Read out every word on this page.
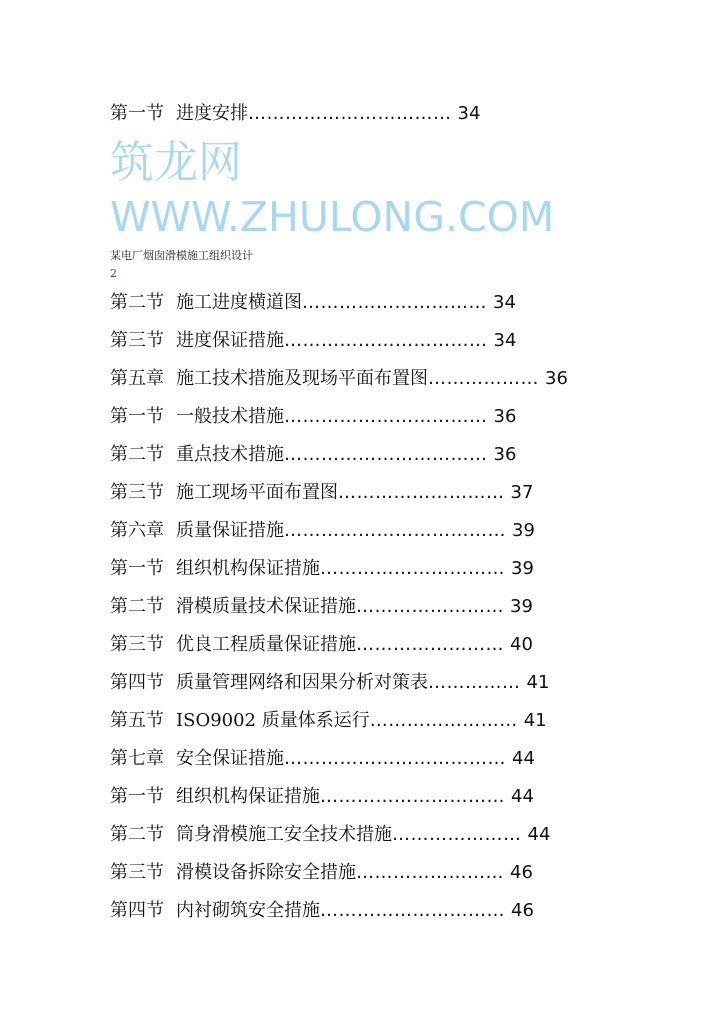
第一节 进度安排…………………………… 34
筑龙网
WWW.ZHULONG.COM
某电厂烟囱滑模施工组织设计
2
第二节 施工进度横道图………………………… 34
第三节 进度保证措施…………………………… 34
第五章 施工技术措施及现场平面布置图……………… 36
第一节 一般技术措施…………………………… 36
第二节 重点技术措施…………………………… 36
第三节 施工现场平面布置图……………………… 37
第六章 质量保证措施……………………………… 39
第一节 组织机构保证措施………………………… 39
第二节 滑模质量技术保证措施…………………… 39
第三节 优良工程质量保证措施…………………… 40
第四节 质量管理网络和因果分析对策表…………… 41
第五节 ISO9002 质量体系运行…………………… 41
第七章 安全保证措施……………………………… 44
第一节 组织机构保证措施………………………… 44
第二节 筒身滑模施工安全技术措施………………… 44
第三节 滑模设备拆除安全措施…………………… 46
第四节 内衬砌筑安全措施………………………… 46
